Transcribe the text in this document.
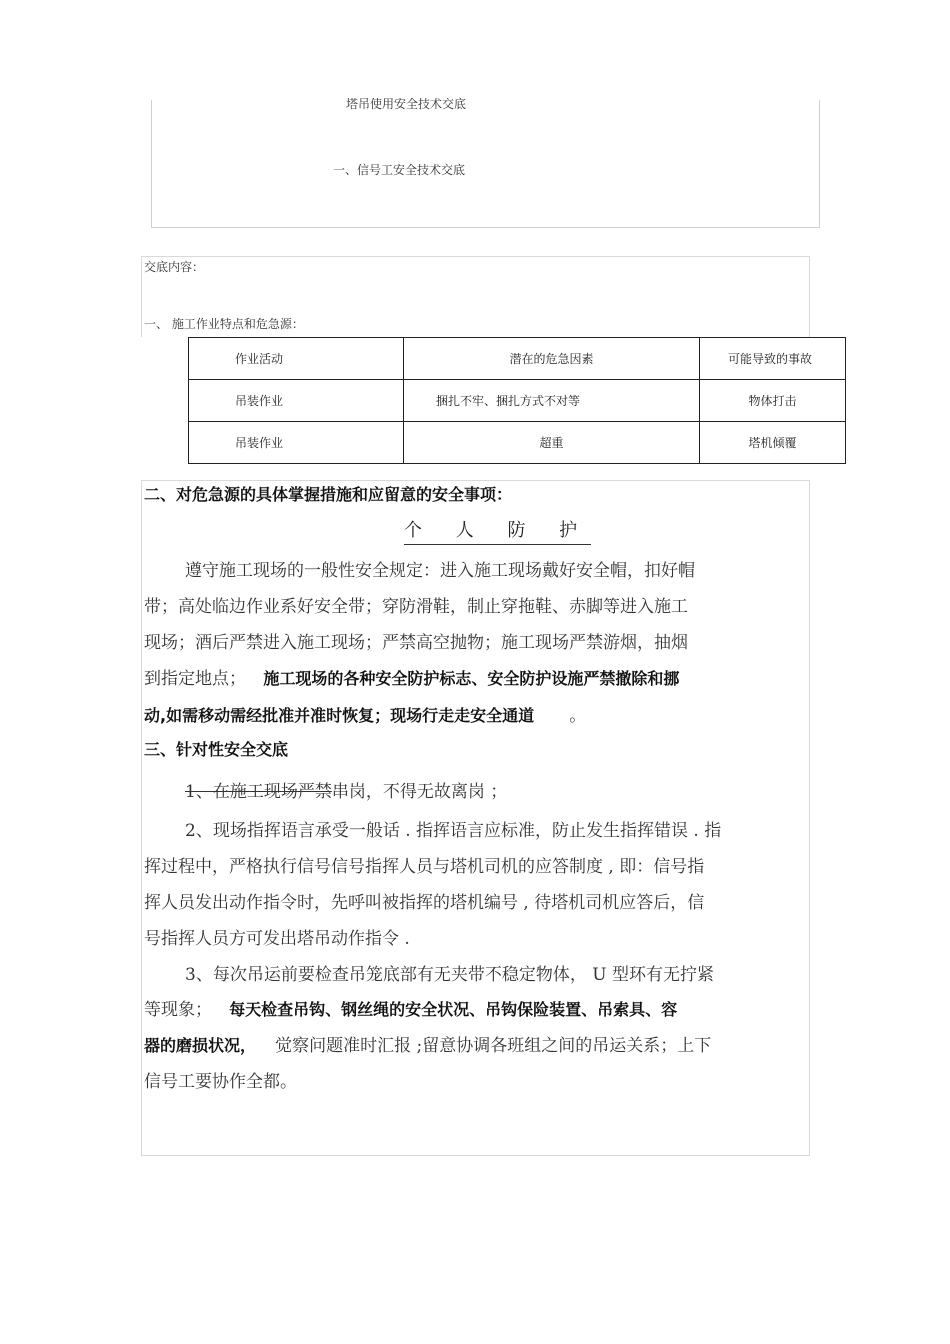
塔吊使用安全技术交底
一、信号工安全技术交底
交底内容：
一、 施工作业特点和危急源：
作业活动	潜在的危急因素	可能导致的事故
吊装作业	捆扎不牢、捆扎方式不对等	物体打击
吊装作业	超重	塔机倾覆
二、对危急源的具体掌握措施和应留意的安全事项：
个 人 防 护
遵守施工现场的一般性安全规定：进入施工现场戴好安全帽，扣好帽
带；高处临边作业系好安全带；穿防滑鞋，制止穿拖鞋、赤脚等进入施工
现场；酒后严禁进入施工现场；严禁高空抛物；施工现场严禁游烟，抽烟
到指定地点； 施工现场的各种安全防护标志、安全防护设施严禁撤除和挪
动,如需移动需经批准并准时恢复；现场行走走安全通道 。
三、针对性安全交底
1、在施工现场严禁串岗，不得无故离岗 ；
2、现场指挥语言承受一般话 . 指挥语言应标准，防止发生指挥错误 . 指
挥过程中，严格执行信号信号指挥人员与塔机司机的应答制度 , 即：信号指
挥人员发出动作指令时，先呼叫被指挥的塔机编号 , 待塔机司机应答后，信
号指挥人员方可发出塔吊动作指令 .
3、每次吊运前要检查吊笼底部有无夹带不稳定物体， U 型环有无拧紧
等现象； 每天检查吊钩、钢丝绳的安全状况、吊钩保险装置、吊索具、容
器的磨损状况， 觉察问题准时汇报 ;留意协调各班组之间的吊运关系；上下
信号工要协作全都。
